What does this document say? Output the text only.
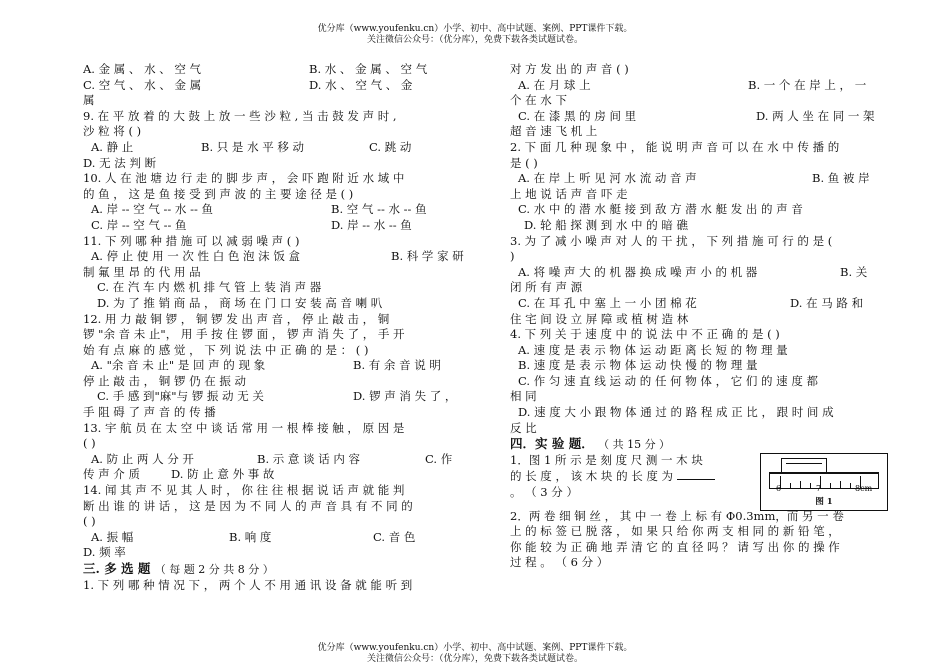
优分库（www.youfenku.cn）小学、初中、高中试题、案例、PPT课件下载。
关注微信公众号：（优分库），免费下载各类试题试卷。
A. 金 属 、 水 、 空 气	B. 水 、 金 属 、 空 气
C. 空 气 、 水 、 金 属	D. 水 、 空 气 、 金
属
9. 在 平 放 着 的 大 鼓 上 放 一 些 沙 粒 , 当 击 鼓 发 声 时 ,
沙 粒 将 ( )
A. 静 止	B. 只 是 水 平 移 动	C. 跳 动
D. 无 法 判 断
10. 人 在 池 塘 边 行 走 的 脚 步 声 ， 会 吓 跑 附 近 水 域 中
的 鱼 ， 这 是 鱼 接 受 到 声 波 的 主 要 途 径 是 ( )
A. 岸 -- 空 气 -- 水 -- 鱼	B. 空 气 -- 水 -- 鱼
C. 岸 -- 空 气 -- 鱼	D. 岸 -- 水 -- 鱼
11. 下 列 哪 种 措 施 可 以 减 弱 噪 声 ( )
A. 停 止 使 用 一 次 性 白 色 泡 沫 饭 盒	B. 科 学 家 研
制 氟 里 昂 的 代 用 品
C. 在 汽 车 内 燃 机 排 气 管 上 装 消 声 器
D. 为 了 推 销 商 品 ， 商 场 在 门 口 安 装 高 音 喇 叭
12. 用 力 敲 铜 锣 ， 铜 锣 发 出 声 音 ， 停 止 敲 击 ， 铜
锣 "余 音 未 止"， 用 手 按 住 锣 面 ， 锣 声 消 失 了 ， 手 开
始 有 点 麻 的 感 觉 ， 下 列 说 法 中 正 确 的 是 ： ( )
A. "余 音 未 止" 是 回 声 的 现 象	B. 有 余 音 说 明
停 止 敲 击 ， 铜 锣 仍 在 振 动
C. 手 感 到"麻"与 锣 振 动 无 关	D. 锣 声 消 失 了 ，
手 阻 碍 了 声 音 的 传 播
13. 宇 航 员 在 太 空 中 谈 话 常 用 一 根 棒 接 触 ， 原 因 是
( )
A. 防 止 两 人 分 开	B. 示 意 谈 话 内 容	C. 作
传 声 介 质	D. 防 止 意 外 事 故
14. 闻 其 声 不 见 其 人 时 ， 你 往 往 根 据 说 话 声 就 能 判
断 出 谁 的 讲 话 ， 这 是 因 为 不 同 人 的 声 音 具 有 不 同 的
( )
A. 振 幅	B. 响 度	C. 音 色
D. 频 率
三. 多 选 题 （ 每 题 2 分 共 8 分 ）
1. 下 列 哪 种 情 况 下 ， 两 个 人 不 用 通 讯 设 备 就 能 听 到
对 方 发 出 的 声 音 ( )
A. 在 月 球 上	B. 一 个 在 岸 上 ， 一
个 在 水 下
C. 在 漆 黑 的 房 间 里	D. 两 人 坐 在 同 一 架
超 音 速 飞 机 上
2. 下 面 几 种 现 象 中 ， 能 说 明 声 音 可 以 在 水 中 传 播 的
是 ( )
A. 在 岸 上 听 见 河 水 流 动 音 声	B. 鱼 被 岸
上 地 说 话 声 音 吓 走
C. 水 中 的 潜 水 艇 接 到 敌 方 潜 水 艇 发 出 的 声 音
D. 轮 船 探 测 到 水 中 的 暗 礁
3. 为 了 减 小 噪 声 对 人 的 干 扰 ， 下 列 措 施 可 行 的 是 (
)
A. 将 噪 声 大 的 机 器 换 成 噪 声 小 的 机 器	B. 关
闭 所 有 声 源
C. 在 耳 孔 中 塞 上 一 小 团 棉 花	D. 在 马 路 和
住 宅 间 设 立 屏 障 或 植 树 造 林
4. 下 列 关 于 速 度 中 的 说 法 中 不 正 确 的 是 ( )
A. 速 度 是 表 示 物 体 运 动 距 离 长 短 的 物 理 量
B. 速 度 是 表 示 物 体 运 动 快 慢 的 物 理 量
C. 作 匀 速 直 线 运 动 的 任 何 物 体 ， 它 们 的 速 度 都
相 同
D. 速 度 大 小 跟 物 体 通 过 的 路 程 成 正 比 ， 跟 时 间 成
反 比
四．实 验 题． （ 共 15 分 ）
1．图 1 所 示 是 刻 度 尺 测 一 木 块
的 长 度 ， 该 木 块 的 长 度 为
。 （ 3 分 ）
2．两 卷 细 铜 丝 ， 其 中 一 卷 上 标 有 Φ0.3mm，而 另 一 卷
上 的 标 签 已 脱 落 ， 如 果 只 给 你 两 支 相 同 的 新 铅 笔 ，
你 能 较 为 正 确 地 弄 清 它 的 直 径 吗 ？ 请 写 出 你 的 操 作
过 程 。 （ 6 分 ）
6	7	8cm
图 1
优分库（www.youfenku.cn）小学、初中、高中试题、案例、PPT课件下载。
关注微信公众号：（优分库），免费下载各类试题试卷。
